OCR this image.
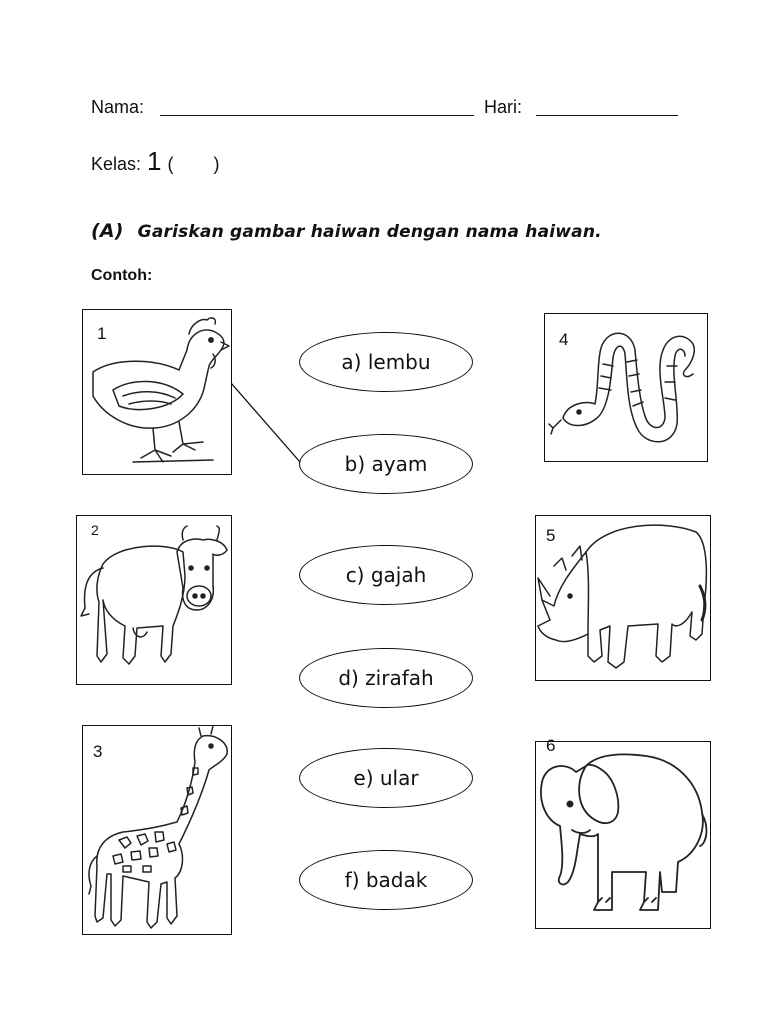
Nama:	Hari:
Kelas: 1 (        )
(A) Gariskan gambar haiwan dengan nama haiwan.
Contoh:
1
2
3
4
5
6
a) lembu
b) ayam
c) gajah
d) zirafah
e) ular
f) badak
